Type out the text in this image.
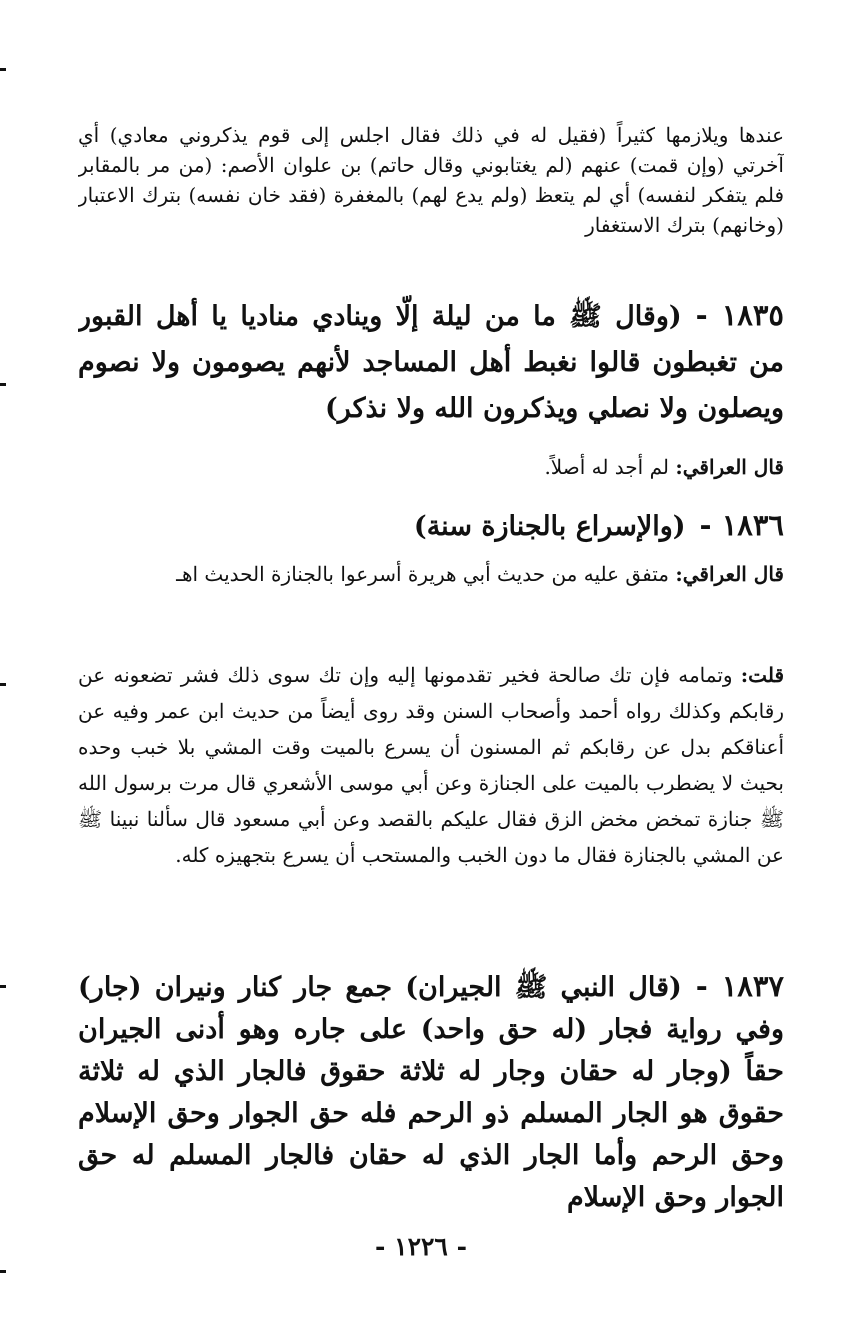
عندها ويلازمها كثيراً (فقيل له في ذلك فقال اجلس إلى قوم يذكروني معادي) أي آخرتي (وإن قمت) عنهم (لم يغتابوني وقال حاتم) بن علوان الأصم: (من مر بالمقابر فلم يتفكر لنفسه) أي لم يتعظ (ولم يدع لهم) بالمغفرة (فقد خان نفسه) بترك الاعتبار (وخانهم) بترك الاستغفار

١٨٣٥ -(وقال ﷺ ما من ليلة إلّا وينادي مناديا يا أهل القبور من تغبطون قالوا نغبط أهل المساجد لأنهم يصومون ولا نصوم ويصلون ولا نصلي ويذكرون الله ولا نذكر)

قال العراقي: لم أجد له أصلاً.

١٨٣٦ -(والإسراع بالجنازة سنة)

قال العراقي: متفق عليه من حديث أبي هريرة أسرعوا بالجنازة الحديث اهـ

قلت: وتمامه فإن تك صالحة فخير تقدمونها إليه وإن تك سوى ذلك فشر تضعونه عن رقابكم وكذلك رواه أحمد وأصحاب السنن وقد روى أيضاً من حديث ابن عمر وفيه عن أعناقكم بدل عن رقابكم ثم المسنون أن يسرع بالميت وقت المشي بلا خبب وحده بحيث لا يضطرب بالميت على الجنازة وعن أبي موسى الأشعري قال مرت برسول الله ﷺ جنازة تمخض مخض الزق فقال عليكم بالقصد وعن أبي مسعود قال سألنا نبينا ﷺ عن المشي بالجنازة فقال ما دون الخبب والمستحب أن يسرع بتجهيزه كله.

١٨٣٧ -(قال النبي ﷺ الجيران) جمع جار كنار ونيران (جار) وفي رواية فجار (له حق واحد) على جاره وهو أدنى الجيران حقاً (وجار له حقان وجار له ثلاثة حقوق فالجار الذي له ثلاثة حقوق هو الجار المسلم ذو الرحم فله حق الجوار وحق الإسلام وحق الرحم وأما الجار الذي له حقان فالجار المسلم له حق الجوار وحق الإسلام

- ١٢٢٦ -
